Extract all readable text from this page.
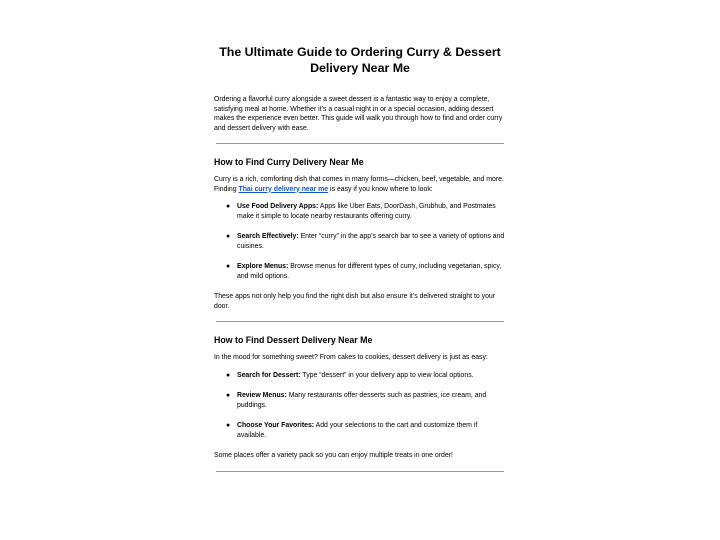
The Ultimate Guide to Ordering Curry & Dessert Delivery Near Me

Ordering a flavorful curry alongside a sweet dessert is a fantastic way to enjoy a complete, satisfying meal at home. Whether it’s a casual night in or a special occasion, adding dessert makes the experience even better. This guide will walk you through how to find and order curry and dessert delivery with ease.

How to Find Curry Delivery Near Me

Curry is a rich, comforting dish that comes in many forms—chicken, beef, vegetable, and more. Finding Thai curry delivery near me is easy if you know where to look:

● Use Food Delivery Apps: Apps like Uber Eats, DoorDash, Grubhub, and Postmates make it simple to locate nearby restaurants offering curry.
● Search Effectively: Enter “curry” in the app’s search bar to see a variety of options and cuisines.
● Explore Menus: Browse menus for different types of curry, including vegetarian, spicy, and mild options.

These apps not only help you find the right dish but also ensure it’s delivered straight to your door.

How to Find Dessert Delivery Near Me

In the mood for something sweet? From cakes to cookies, dessert delivery is just as easy:

● Search for Dessert: Type “dessert” in your delivery app to view local options.
● Review Menus: Many restaurants offer desserts such as pastries, ice cream, and puddings.
● Choose Your Favorites: Add your selections to the cart and customize them if available.

Some places offer a variety pack so you can enjoy multiple treats in one order!
